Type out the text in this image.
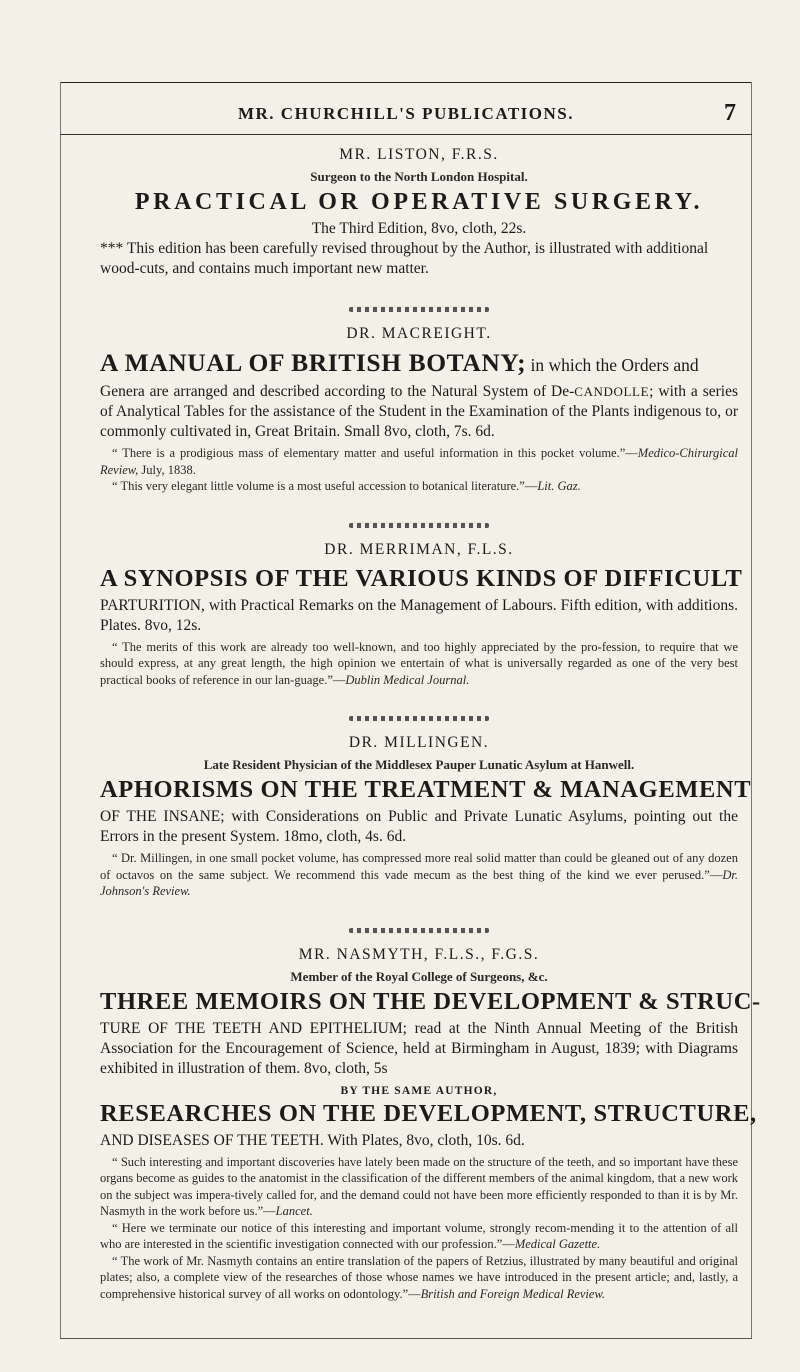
MR. CHURCHILL'S PUBLICATIONS.	7

MR. LISTON, F.R.S.

Surgeon to the North London Hospital.

PRACTICAL OR OPERATIVE SURGERY.

The Third Edition, 8vo, cloth, 22s.

*** This edition has been carefully revised throughout by the Author, is illustrated with additional wood-cuts, and contains much important new matter.

DR. MACREIGHT.

A MANUAL OF BRITISH BOTANY; in which the Orders and

Genera are arranged and described according to the Natural System of De-CANDOLLE; with a series of Analytical Tables for the assistance of the Student in the Examination of the Plants indigenous to, or commonly cultivated in, Great Britain. Small 8vo, cloth, 7s. 6d.

“ There is a prodigious mass of elementary matter and useful information in this pocket volume.”—Medico-Chirurgical Review, July, 1838.

“ This very elegant little volume is a most useful accession to botanical literature.”—Lit. Gaz.

DR. MERRIMAN, F.L.S.

A SYNOPSIS OF THE VARIOUS KINDS OF DIFFICULT

PARTURITION, with Practical Remarks on the Management of Labours. Fifth edition, with additions. Plates. 8vo, 12s.

“ The merits of this work are already too well-known, and too highly appreciated by the pro-fession, to require that we should express, at any great length, the high opinion we entertain of what is universally regarded as one of the very best practical books of reference in our lan-guage.”—Dublin Medical Journal.

DR. MILLINGEN.

Late Resident Physician of the Middlesex Pauper Lunatic Asylum at Hanwell.

APHORISMS ON THE TREATMENT & MANAGEMENT

OF THE INSANE; with Considerations on Public and Private Lunatic Asylums, pointing out the Errors in the present System. 18mo, cloth, 4s. 6d.

“ Dr. Millingen, in one small pocket volume, has compressed more real solid matter than could be gleaned out of any dozen of octavos on the same subject. We recommend this vade mecum as the best thing of the kind we ever perused.”—Dr. Johnson's Review.

MR. NASMYTH, F.L.S., F.G.S.

Member of the Royal College of Surgeons, &c.

THREE MEMOIRS ON THE DEVELOPMENT & STRUC-

TURE OF THE TEETH AND EPITHELIUM; read at the Ninth Annual Meeting of the British Association for the Encouragement of Science, held at Birmingham in August, 1839; with Diagrams exhibited in illustration of them. 8vo, cloth, 5s

BY THE SAME AUTHOR,

RESEARCHES ON THE DEVELOPMENT, STRUCTURE,

AND DISEASES OF THE TEETH. With Plates, 8vo, cloth, 10s. 6d.

“ Such interesting and important discoveries have lately been made on the structure of the teeth, and so important have these organs become as guides to the anatomist in the classification of the different members of the animal kingdom, that a new work on the subject was impera-tively called for, and the demand could not have been more efficiently responded to than it is by Mr. Nasmyth in the work before us.”—Lancet.

“ Here we terminate our notice of this interesting and important volume, strongly recom-mending it to the attention of all who are interested in the scientific investigation connected with our profession.”—Medical Gazette.

“ The work of Mr. Nasmyth contains an entire translation of the papers of Retzius, illustrated by many beautiful and original plates; also, a complete view of the researches of those whose names we have introduced in the present article; and, lastly, a comprehensive historical survey of all works on odontology.”—British and Foreign Medical Review.
